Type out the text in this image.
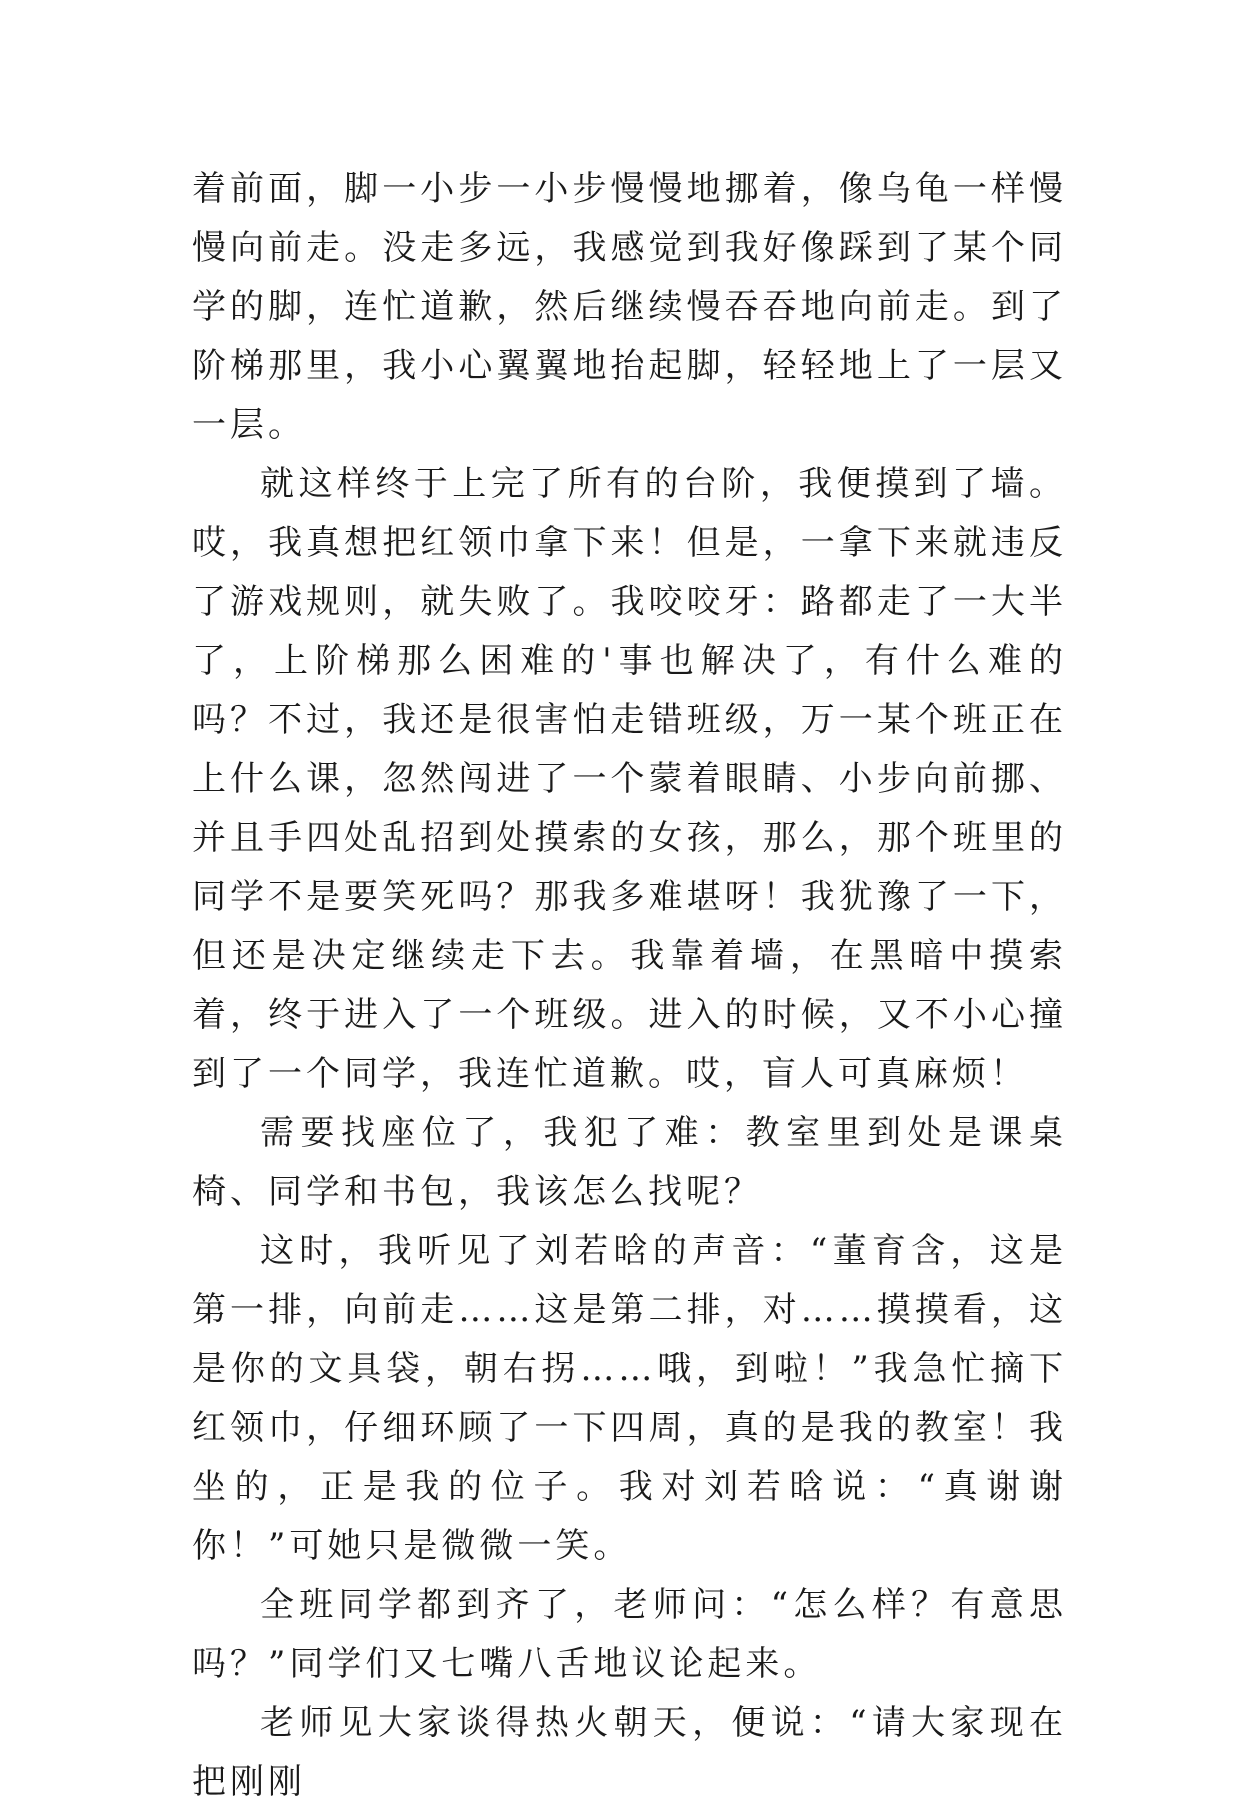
着前面，脚一小步一小步慢慢地挪着，像乌龟一样慢慢向前走。没走多远，我感觉到我好像踩到了某个同学的脚，连忙道歉，然后继续慢吞吞地向前走。到了阶梯那里，我小心翼翼地抬起脚，轻轻地上了一层又一层。

就这样终于上完了所有的台阶，我便摸到了墙。哎，我真想把红领巾拿下来！但是，一拿下来就违反了游戏规则，就失败了。我咬咬牙：路都走了一大半了，上阶梯那么困难的'事也解决了，有什么难的吗？不过，我还是很害怕走错班级，万一某个班正在上什么课，忽然闯进了一个蒙着眼睛、小步向前挪、并且手四处乱招到处摸索的女孩，那么，那个班里的同学不是要笑死吗？那我多难堪呀！我犹豫了一下，但还是决定继续走下去。我靠着墙，在黑暗中摸索着，终于进入了一个班级。进入的时候，又不小心撞到了一个同学，我连忙道歉。哎，盲人可真麻烦！

需要找座位了，我犯了难：教室里到处是课桌椅、同学和书包，我该怎么找呢？

这时，我听见了刘若晗的声音：“董育含，这是第一排，向前走……这是第二排，对……摸摸看，这是你的文具袋，朝右拐……哦，到啦！”我急忙摘下红领巾，仔细环顾了一下四周，真的是我的教室！我坐的，正是我的位子。我对刘若晗说：“真谢谢你！”可她只是微微一笑。

全班同学都到齐了，老师问：“怎么样？有意思吗？”同学们又七嘴八舌地议论起来。

老师见大家谈得热火朝天，便说：“请大家现在把刚刚
